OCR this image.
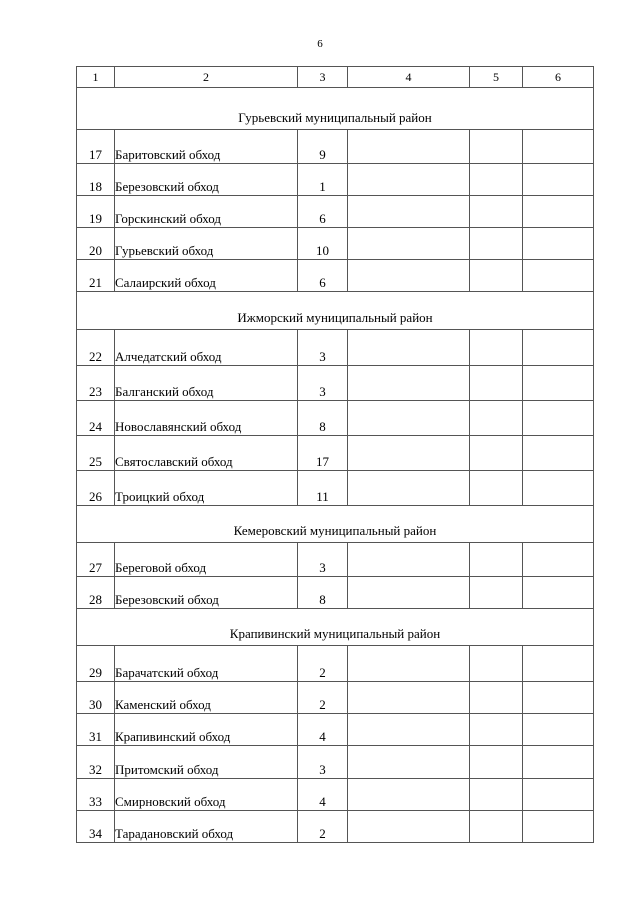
6
1	2	3	4	5	6
Гурьевский муниципальный район					
17	Баритовский обход	9			
18	Березовский обход	1			
19	Горскинский обход	6			
20	Гурьевский обход	10			
21	Салаирский обход	6			
Ижморский муниципальный район					
22	Алчедатский обход	3			
23	Балганский обход	3			
24	Новославянский обход	8			
25	Святославский обход	17			
26	Троицкий обход	11			
Кемеровский муниципальный район					
27	Береговой обход	3			
28	Березовский обход	8			
Крапивинский муниципальный район					
29	Барачатский обход	2			
30	Каменский обход	2			
31	Крапивинский обход	4			
32	Притомский обход	3			
33	Смирновский обход	4			
34	Тараданoвский обход	2			
